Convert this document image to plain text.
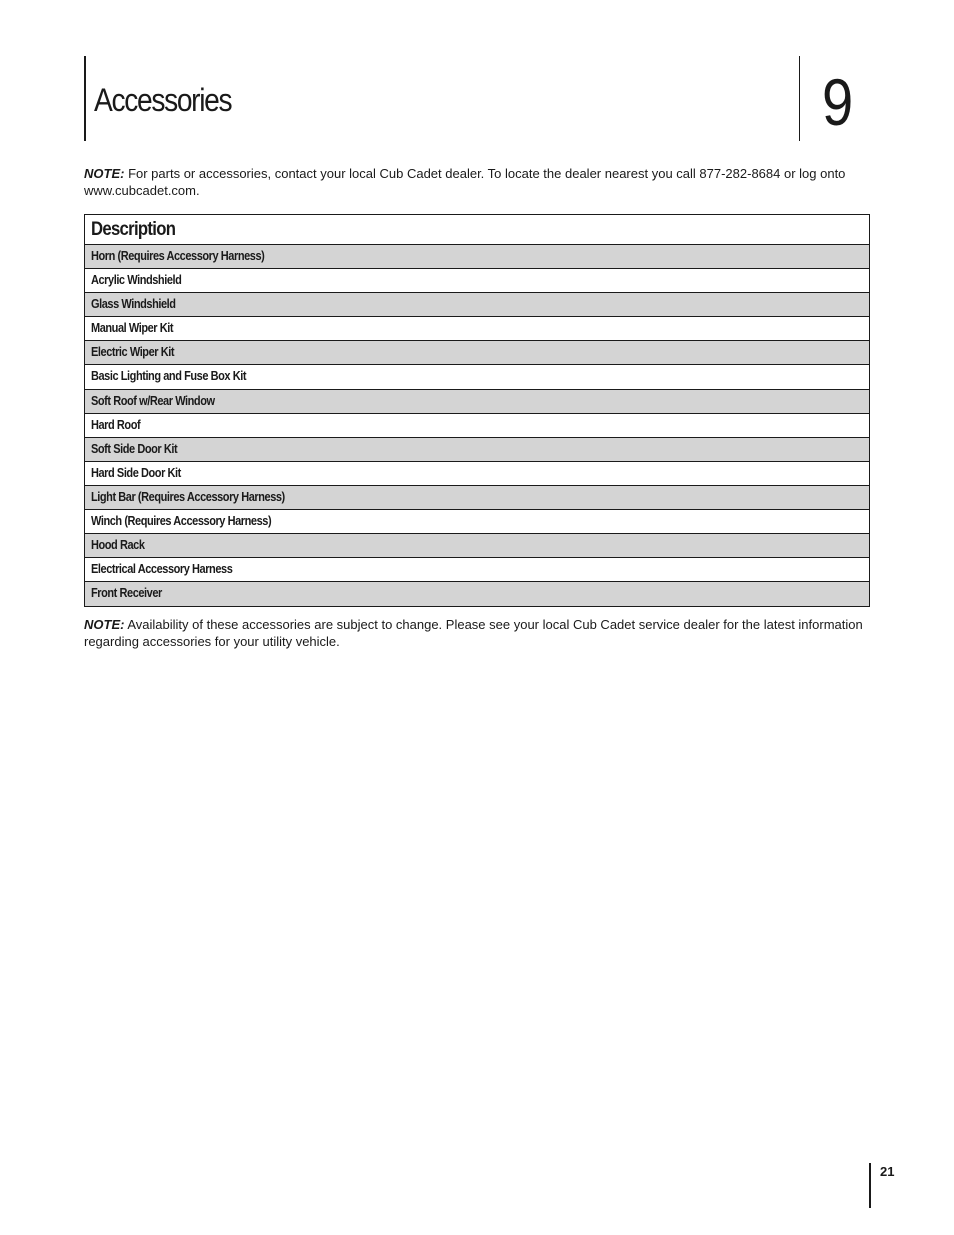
Accessories	9

NOTE: For parts or accessories, contact your local Cub Cadet dealer. To locate the dealer nearest you call 877-282-8684 or log onto www.cubcadet.com.

Description
Horn (Requires Accessory Harness)
Acrylic Windshield
Glass Windshield
Manual Wiper Kit
Electric Wiper Kit
Basic Lighting and Fuse Box Kit
Soft Roof w/Rear Window
Hard Roof
Soft Side Door Kit
Hard Side Door Kit
Light Bar (Requires Accessory Harness)
Winch (Requires Accessory Harness)
Hood Rack
Electrical Accessory Harness
Front Receiver

NOTE: Availability of these accessories are subject to change. Please see your local Cub Cadet service dealer for the latest information regarding accessories for your utility vehicle.

21
